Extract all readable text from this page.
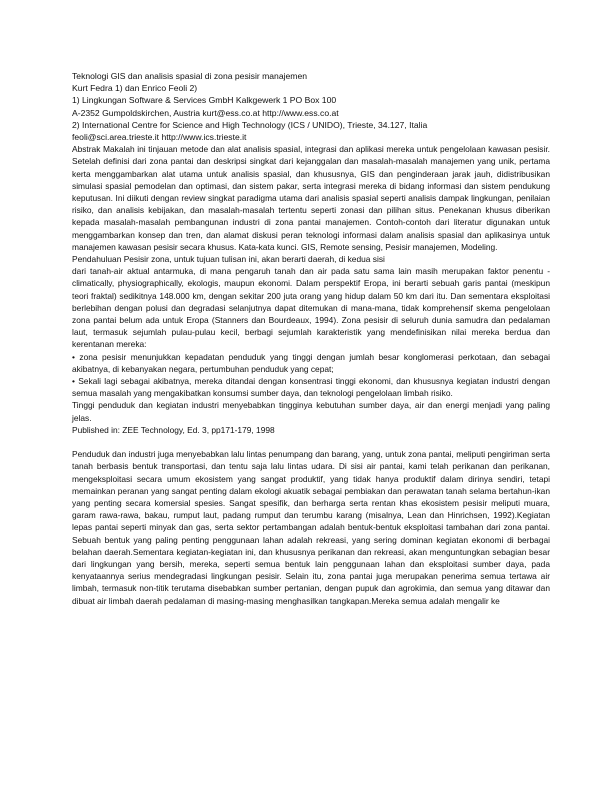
Teknologi GIS dan analisis spasial di zona pesisir manajemen

Kurt Fedra 1) dan Enrico Feoli 2)

1) Lingkungan Software & Services GmbH Kalkgewerk 1 PO Box 100

A-2352 Gumpoldskirchen, Austria kurt@ess.co.at http://www.ess.co.at

2) International Centre for Science and High Technology (ICS / UNIDO), Trieste, 34.127, Italia

feoli@sci.area.trieste.it http://www.ics.trieste.it

Abstrak Makalah ini tinjauan metode dan alat analisis spasial, integrasi dan aplikasi mereka untuk pengelolaan kawasan pesisir. Setelah definisi dari zona pantai dan deskripsi singkat dari kejanggalan dan masalah-masalah manajemen yang unik, pertama kerta menggambarkan alat utama untuk analisis spasial, dan khususnya, GIS dan penginderaan jarak jauh, didistribusikan simulasi spasial pemodelan dan optimasi, dan sistem pakar, serta integrasi mereka di bidang informasi dan sistem pendukung keputusan. Ini diikuti dengan review singkat paradigma utama dari analisis spasial seperti analisis dampak lingkungan, penilaian risiko, dan analisis kebijakan, dan masalah-masalah tertentu seperti zonasi dan pilihan situs. Penekanan khusus diberikan kepada masalah-masalah pembangunan industri di zona pantai manajemen. Contoh-contoh dari literatur digunakan untuk menggambarkan konsep dan tren, dan alamat diskusi peran teknologi informasi dalam analisis spasial dan aplikasinya untuk manajemen kawasan pesisir secara khusus. Kata-kata kunci. GIS, Remote sensing, Pesisir manajemen, Modeling.

Pendahuluan Pesisir zona, untuk tujuan tulisan ini, akan berarti daerah, di kedua sisi

dari tanah-air aktual antarmuka, di mana pengaruh tanah dan air pada satu sama lain masih merupakan faktor penentu - climatically, physiographically, ekologis, maupun ekonomi. Dalam perspektif Eropa, ini berarti sebuah garis pantai (meskipun teori fraktal) sedikitnya 148.000 km, dengan sekitar 200 juta orang yang hidup dalam 50 km dari itu. Dan sementara eksploitasi berlebihan dengan polusi dan degradasi selanjutnya dapat ditemukan di mana-mana, tidak komprehensif skema pengelolaan zona pantai belum ada untuk Eropa (Stanners dan Bourdeaux, 1994). Zona pesisir di seluruh dunia samudra dan pedalaman laut, termasuk sejumlah pulau-pulau kecil, berbagi sejumlah karakteristik yang mendefinisikan nilai mereka berdua dan kerentanan mereka:

• zona pesisir menunjukkan kepadatan penduduk yang tinggi dengan jumlah besar konglomerasi perkotaan, dan sebagai akibatnya, di kebanyakan negara, pertumbuhan penduduk yang cepat;

• Sekali lagi sebagai akibatnya, mereka ditandai dengan konsentrasi tinggi ekonomi, dan khususnya kegiatan industri dengan semua masalah yang mengakibatkan konsumsi sumber daya, dan teknologi pengelolaan limbah risiko.

Tinggi penduduk dan kegiatan industri menyebabkan tingginya kebutuhan sumber daya, air dan energi menjadi yang paling jelas.

Published in: ZEE Technology, Ed. 3, pp171-179, 1998

Penduduk dan industri juga menyebabkan lalu lintas penumpang dan barang, yang, untuk zona pantai, meliputi pengiriman serta tanah berbasis bentuk transportasi, dan tentu saja lalu lintas udara. Di sisi air pantai, kami telah perikanan dan perikanan, mengeksploitasi secara umum ekosistem yang sangat produktif, yang tidak hanya produktif dalam dirinya sendiri, tetapi memainkan peranan yang sangat penting dalam ekologi akuatik sebagai pembiakan dan perawatan tanah selama bertahun-ikan yang penting secara komersial spesies. Sangat spesifik, dan berharga serta rentan khas ekosistem pesisir meliputi muara, garam rawa-rawa, bakau, rumput laut, padang rumput dan terumbu karang (misalnya, Lean dan Hinrichsen, 1992).Kegiatan lepas pantai seperti minyak dan gas, serta sektor pertambangan adalah bentuk-bentuk eksploitasi tambahan dari zona pantai. Sebuah bentuk yang paling penting penggunaan lahan adalah rekreasi, yang sering dominan kegiatan ekonomi di berbagai belahan daerah.Sementara kegiatan-kegiatan ini, dan khususnya perikanan dan rekreasi, akan menguntungkan sebagian besar dari lingkungan yang bersih, mereka, seperti semua bentuk lain penggunaan lahan dan eksploitasi sumber daya, pada kenyataannya serius mendegradasi lingkungan pesisir. Selain itu, zona pantai juga merupakan penerima semua tertawa air limbah, termasuk non-titik terutama disebabkan sumber pertanian, dengan pupuk dan agrokimia, dan semua yang ditawar dan dibuat air limbah daerah pedalaman di masing-masing menghasilkan tangkapan.Mereka semua adalah mengalir ke
